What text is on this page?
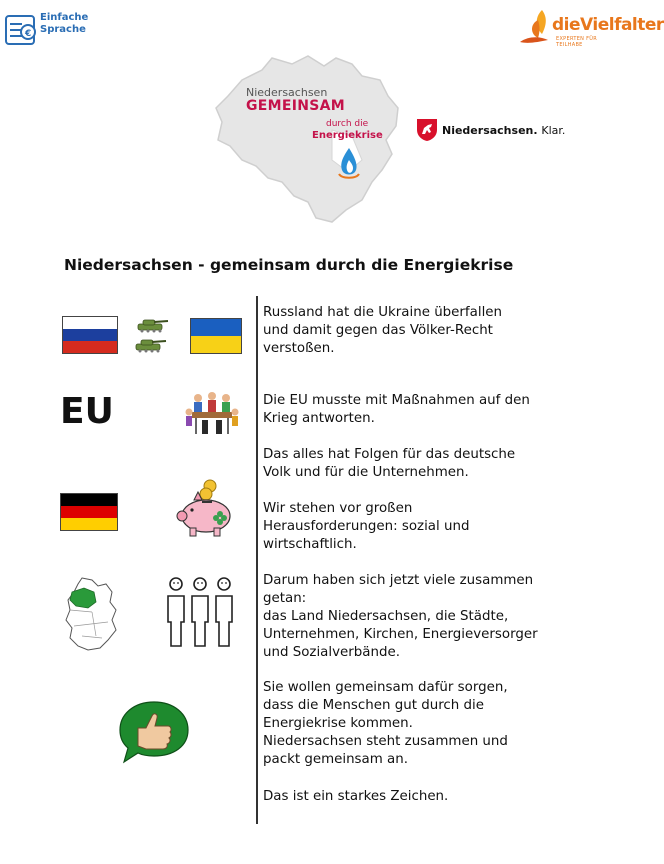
€
Einfache
Sprache	dieVielfalter
EXPERTEN FÜR TEILHABE
Niedersachsen
GEMEINSAM
durch die
Energiekrise	Niedersachsen. Klar.
Niedersachsen - gemeinsam durch die Energiekrise
EU
Russland hat die Ukraine überfallen
und damit gegen das Völker-Recht
verstoßen.
Die EU musste mit Maßnahmen auf den
Krieg antworten.
Das alles hat Folgen für das deutsche
Volk und für die Unternehmen.
Wir stehen vor großen
Herausforderungen: sozial und
wirtschaftlich.
Darum haben sich jetzt viele zusammen
getan:
das Land Niedersachsen, die Städte,
Unternehmen, Kirchen, Energieversorger
und Sozialverbände.
Sie wollen gemeinsam dafür sorgen,
dass die Menschen gut durch die
Energiekrise kommen.
Niedersachsen steht zusammen und
packt gemeinsam an.
Das ist ein starkes Zeichen.
